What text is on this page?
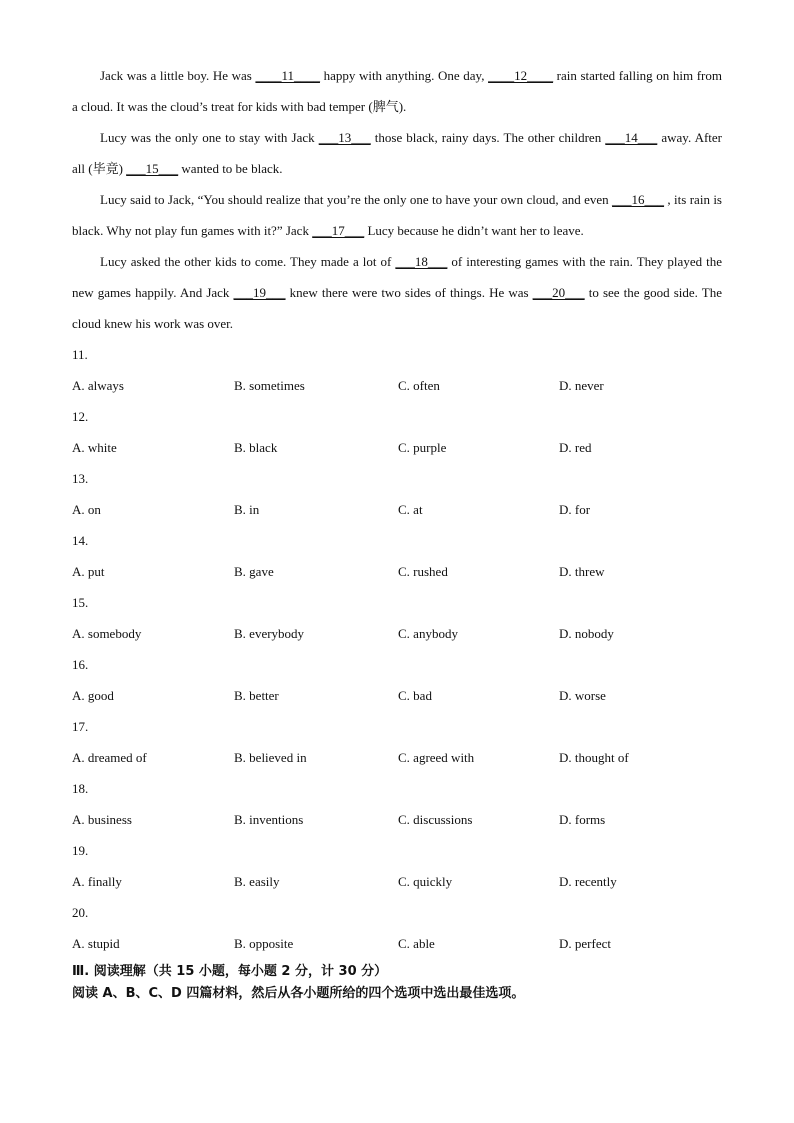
Jack was a little boy. He was ____11____ happy with anything. One day, ____12____ rain started falling on him from a cloud. It was the cloud’s treat for kids with bad temper (脾气).

Lucy was the only one to stay with Jack ___13___ those black, rainy days. The other children ___14___ away. After all (毕竟) ___15___ wanted to be black.

Lucy said to Jack, “You should realize that you’re the only one to have your own cloud, and even ___16___ , its rain is black. Why not play fun games with it?” Jack ___17___ Lucy because he didn’t want her to leave.

Lucy asked the other kids to come. They made a lot of ___18___ of interesting games with the rain. They played the new games happily. And Jack ___19___ knew there were two sides of things. He was ___20___ to see the good side. The cloud knew his work was over.

11.

A. always	B. sometimes	C. often	D. never

12.

A. white	B. black	C. purple	D. red

13.

A. on	B. in	C. at	D. for

14.

A. put	B. gave	C. rushed	D. threw

15.

A. somebody	B. everybody	C. anybody	D. nobody

16.

A. good	B. better	C. bad	D. worse

17.

A. dreamed of	B. believed in	C. agreed with	D. thought of

18.

A. business	B. inventions	C. discussions	D. forms

19.

A. finally	B. easily	C. quickly	D. recently

20.

A. stupid	B. opposite	C. able	D. perfect

Ⅲ. 阅读理解（共 15 小题，每小题 2 分，计 30 分）

阅读 A、B、C、D 四篇材料，然后从各小题所给的四个选项中选出最佳选项。
